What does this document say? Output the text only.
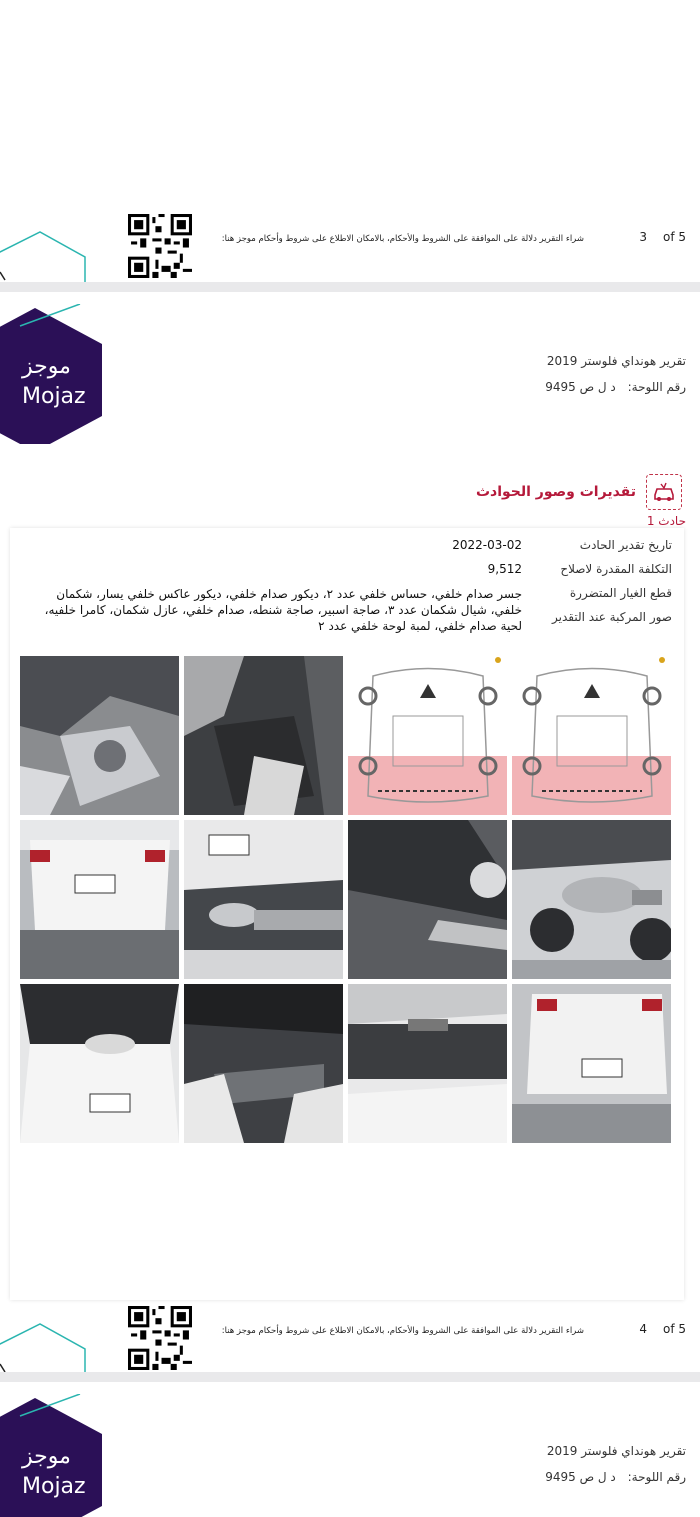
شراء التقرير دلالة على الموافقة على الشروط والأحكام، بالامكان الاطلاع على شروط وأحكام موجز هنا:	3 of 5
موجز
Mojaz
تقرير هونداي فلوستر 2019
رقم اللوحة: د ل ص 9495
تقديرات وصور الحوادث
حادث 1
تاريخ تقدير الحادث
2022-03-02
التكلفة المقدرة لاصلاح
9,512
قطع الغيار المتضررة
جسر صدام خلفي، حساس خلفي عدد ٢، ديكور صدام خلفي، ديكور عاكس خلفي يسار، شكمان خلفي، شيال شكمان عدد ٣، صاجة اسبير، صاجة شنطه، صدام خلفي، عازل شكمان، كامرا خلفيه، لحية صدام خلفي، لمبة لوحة خلفي عدد ٢
صور المركبة عند التقدير
شراء التقرير دلالة على الموافقة على الشروط والأحكام، بالامكان الاطلاع على شروط وأحكام موجز هنا:	4 of 5
موجز
Mojaz
تقرير هونداي فلوستر 2019
رقم اللوحة: د ل ص 9495
